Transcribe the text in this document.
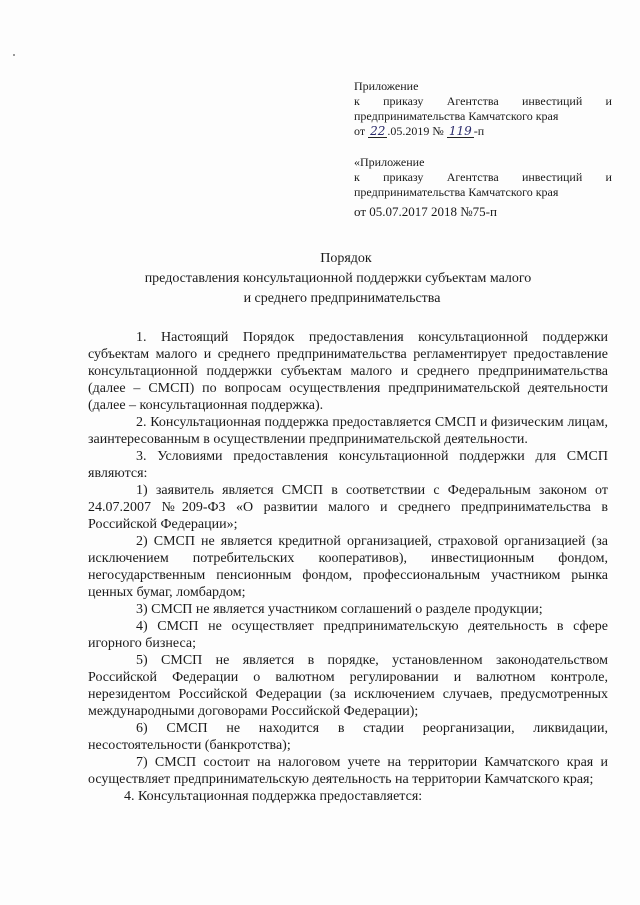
Приложение
к приказу Агентства инвестиций и
предпринимательства Камчатского края
от 22 .05.2019 № 119 -п
«Приложение
к приказу Агентства инвестиций и
предпринимательства Камчатского края
от 05.07.2017 2018 №75-п
Порядок
предоставления консультационной поддержки субъектам малого
и среднего предпринимательства

1. Настоящий Порядок предоставления консультационной поддержки субъектам малого и среднего предпринимательства регламентирует предоставление консультационной поддержки субъектам малого и среднего предпринимательства (далее – СМСП) по вопросам осуществления предпринимательской деятельности (далее – консультационная поддержка).

2. Консультационная поддержка предоставляется СМСП и физическим лицам, заинтересованным в осуществлении предпринимательской деятельности.

3. Условиями предоставления консультационной поддержки для СМСП являются:

1) заявитель является СМСП в соответствии с Федеральным законом от 24.07.2007 №209-ФЗ «О развитии малого и среднего предпринимательства в Российской Федерации»;

2) СМСП не является кредитной организацией, страховой организацией (за исключением потребительских кооперативов), инвестиционным фондом, негосударственным пенсионным фондом, профессиональным участником рынка ценных бумаг, ломбардом;

3) СМСП не является участником соглашений о разделе продукции;

4) СМСП не осуществляет предпринимательскую деятельность в сфере игорного бизнеса;

5) СМСП не является в порядке, установленном законодательством Российской Федерации о валютном регулировании и валютном контроле, нерезидентом Российской Федерации (за исключением случаев, предусмотренных международными договорами Российской Федерации);

6) СМСП не находится в стадии реорганизации, ликвидации, несостоятельности (банкротства);

7) СМСП состоит на налоговом учете на территории Камчатского края и осуществляет предпринимательскую деятельность на территории Камчатского края;

4. Консультационная поддержка предоставляется:
